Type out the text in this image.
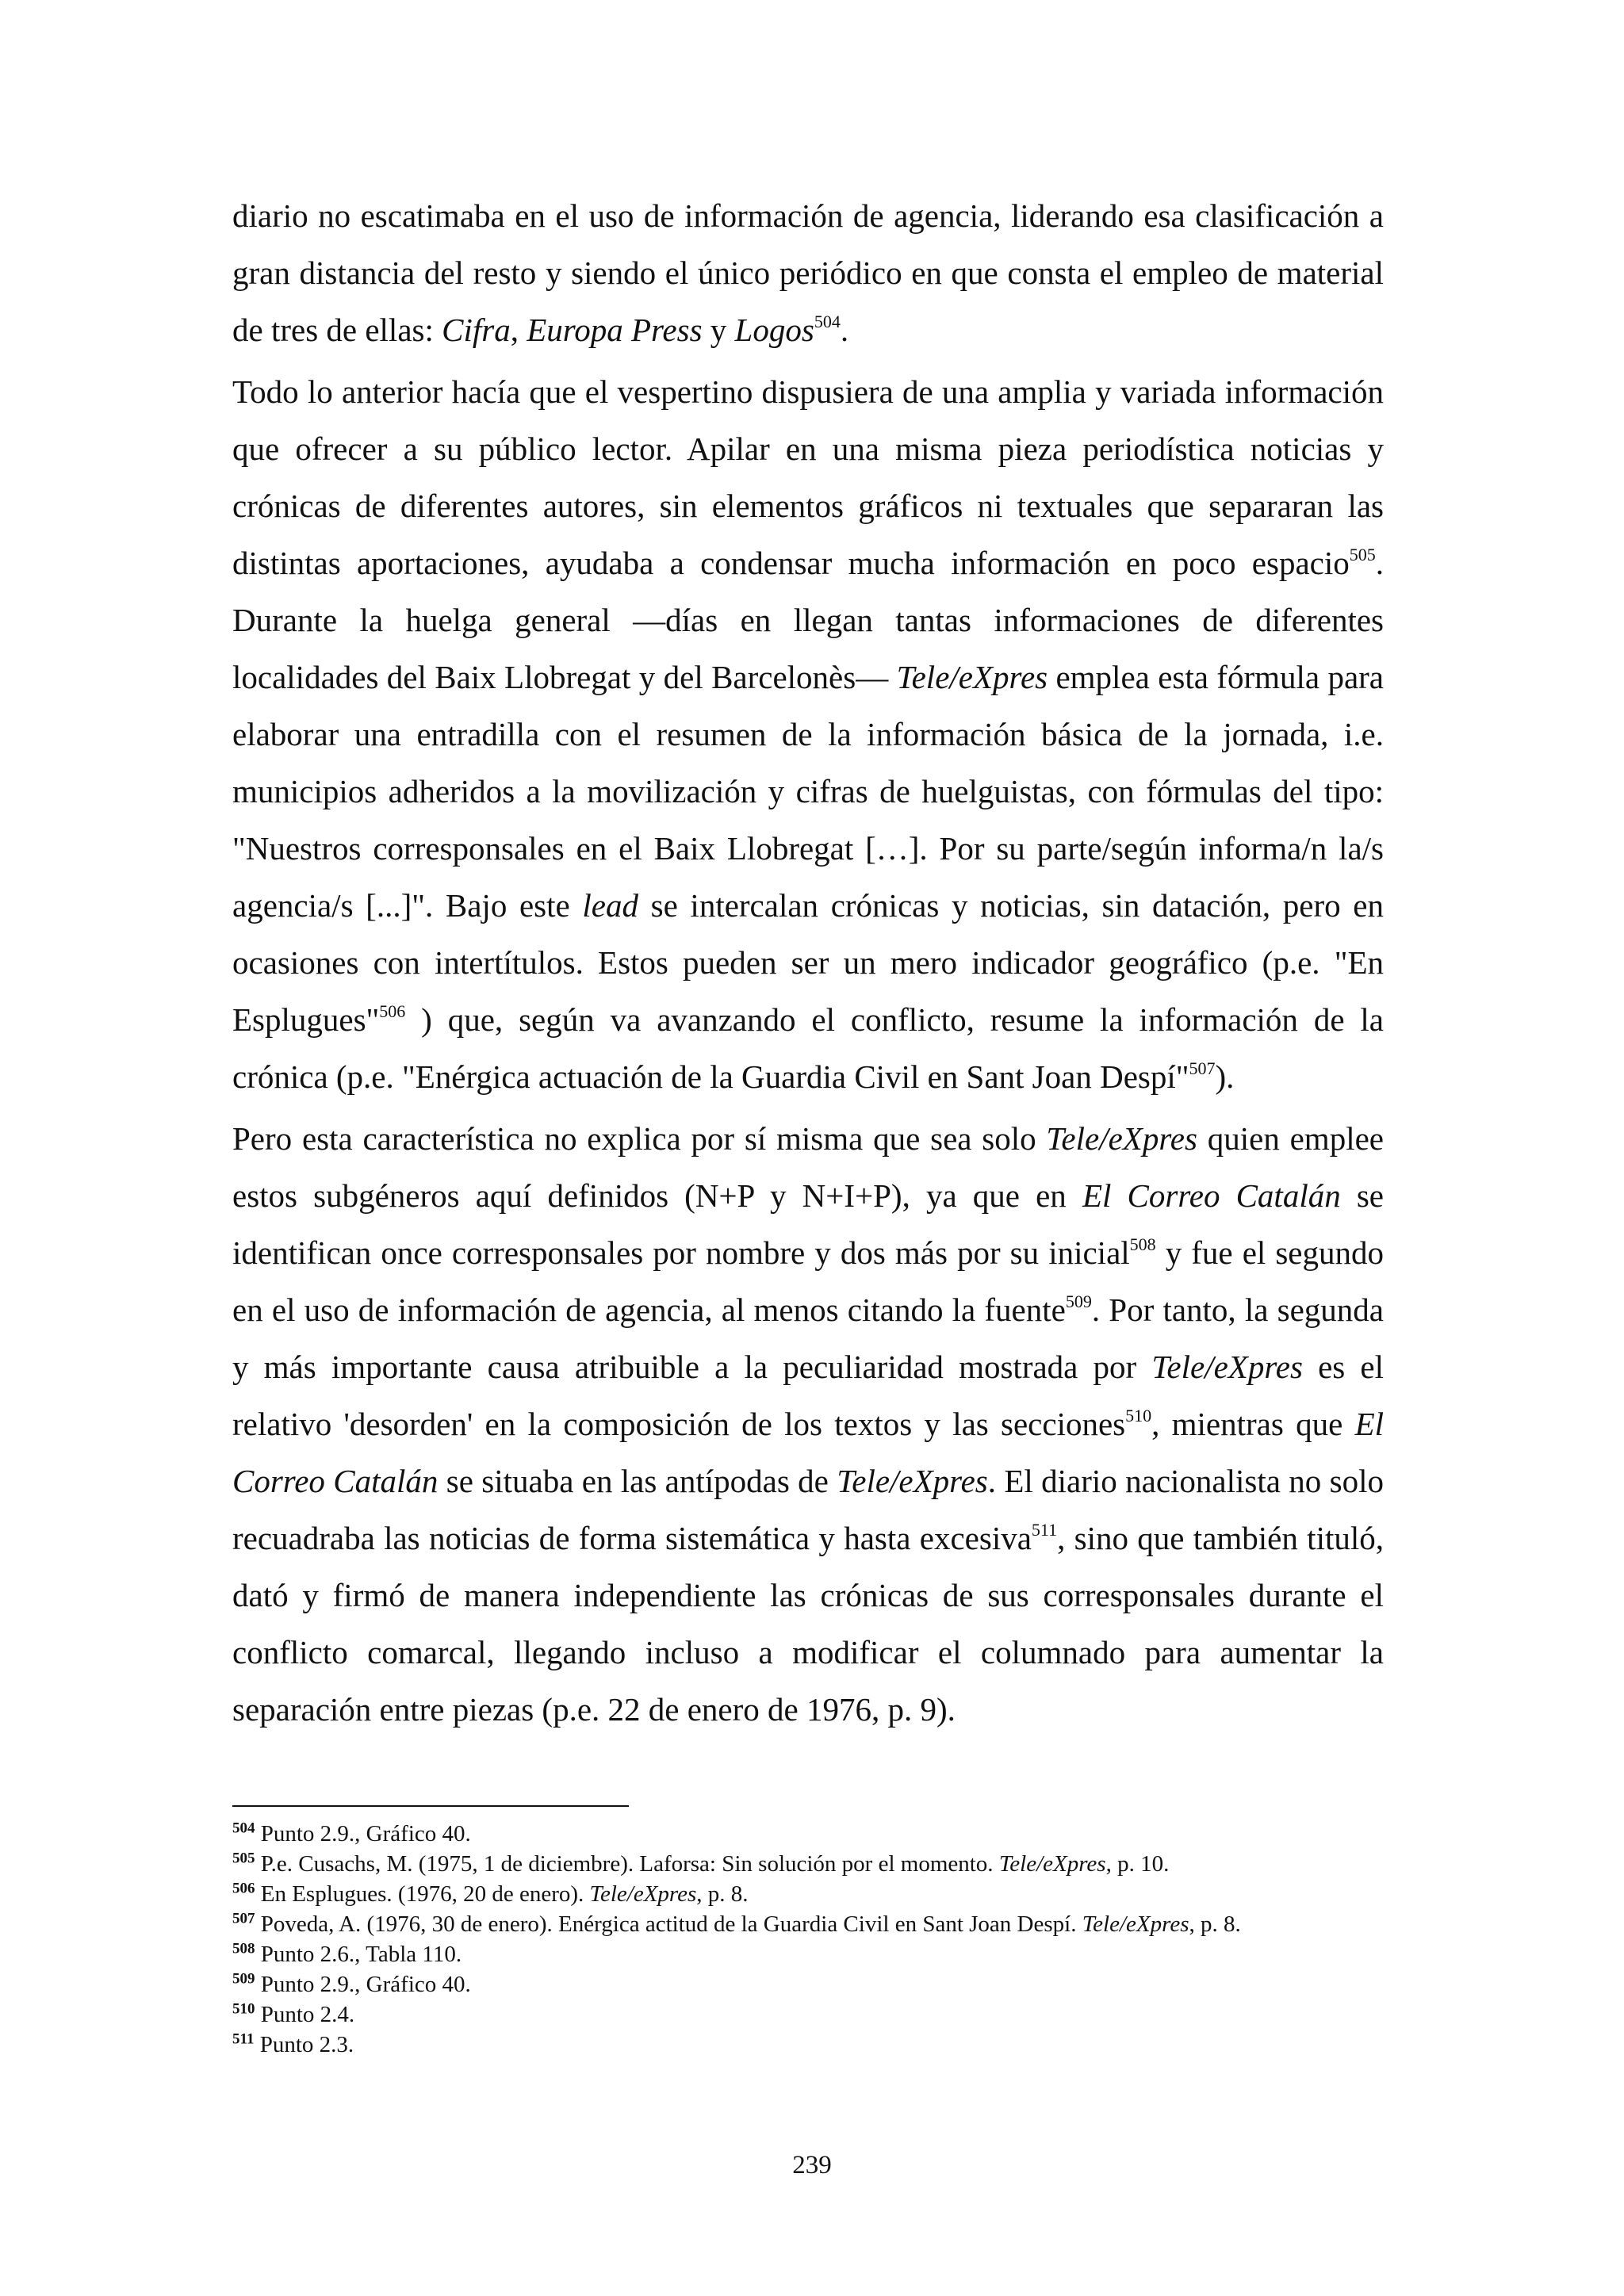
diario no escatimaba en el uso de información de agencia, liderando esa clasificación a gran distancia del resto y siendo el único periódico en que consta el empleo de material de tres de ellas: Cifra, Europa Press y Logos$^{504}$.

Todo lo anterior hacía que el vespertino dispusiera de una amplia y variada información que ofrecer a su público lector. Apilar en una misma pieza periodística noticias y crónicas de diferentes autores, sin elementos gráficos ni textuales que separaran las distintas aportaciones, ayudaba a condensar mucha información en poco espacio$^{505}$. Durante la huelga general —días en llegan tantas informaciones de diferentes localidades del Baix Llobregat y del Barcelonès— Tele/eXpres emplea esta fórmula para elaborar una entradilla con el resumen de la información básica de la jornada, i.e. municipios adheridos a la movilización y cifras de huelguistas, con fórmulas del tipo: "Nuestros corresponsales en el Baix Llobregat […]. Por su parte/según informa/n la/s agencia/s [...]". Bajo este lead se intercalan crónicas y noticias, sin datación, pero en ocasiones con intertítulos. Estos pueden ser un mero indicador geográfico (p.e. "En Esplugues"$^{506}$ ) que, según va avanzando el conflicto, resume la información de la crónica (p.e. "Enérgica actuación de la Guardia Civil en Sant Joan Despí"$^{507}$).

Pero esta característica no explica por sí misma que sea solo Tele/eXpres quien emplee estos subgéneros aquí definidos (N+P y N+I+P), ya que en El Correo Catalán se identifican once corresponsales por nombre y dos más por su inicial$^{508}$ y fue el segundo en el uso de información de agencia, al menos citando la fuente$^{509}$. Por tanto, la segunda y más importante causa atribuible a la peculiaridad mostrada por Tele/eXpres es el relativo 'desorden' en la composición de los textos y las secciones$^{510}$, mientras que El Correo Catalán se situaba en las antípodas de Tele/eXpres. El diario nacionalista no solo recuadraba las noticias de forma sistemática y hasta excesiva$^{511}$, sino que también tituló, dató y firmó de manera independiente las crónicas de sus corresponsales durante el conflicto comarcal, llegando incluso a modificar el columnado para aumentar la separación entre piezas (p.e. 22 de enero de 1976, p. 9).

$^{504}$ Punto 2.9., Gráfico 40.
$^{505}$ P.e. Cusachs, M. (1975, 1 de diciembre). Laforsa: Sin solución por el momento. Tele/eXpres, p. 10.
$^{506}$ En Esplugues. (1976, 20 de enero). Tele/eXpres, p. 8.
$^{507}$ Poveda, A. (1976, 30 de enero). Enérgica actitud de la Guardia Civil en Sant Joan Despí. Tele/eXpres, p. 8.
$^{508}$ Punto 2.6., Tabla 110.
$^{509}$ Punto 2.9., Gráfico 40.
$^{510}$ Punto 2.4.
$^{511}$ Punto 2.3.
239
